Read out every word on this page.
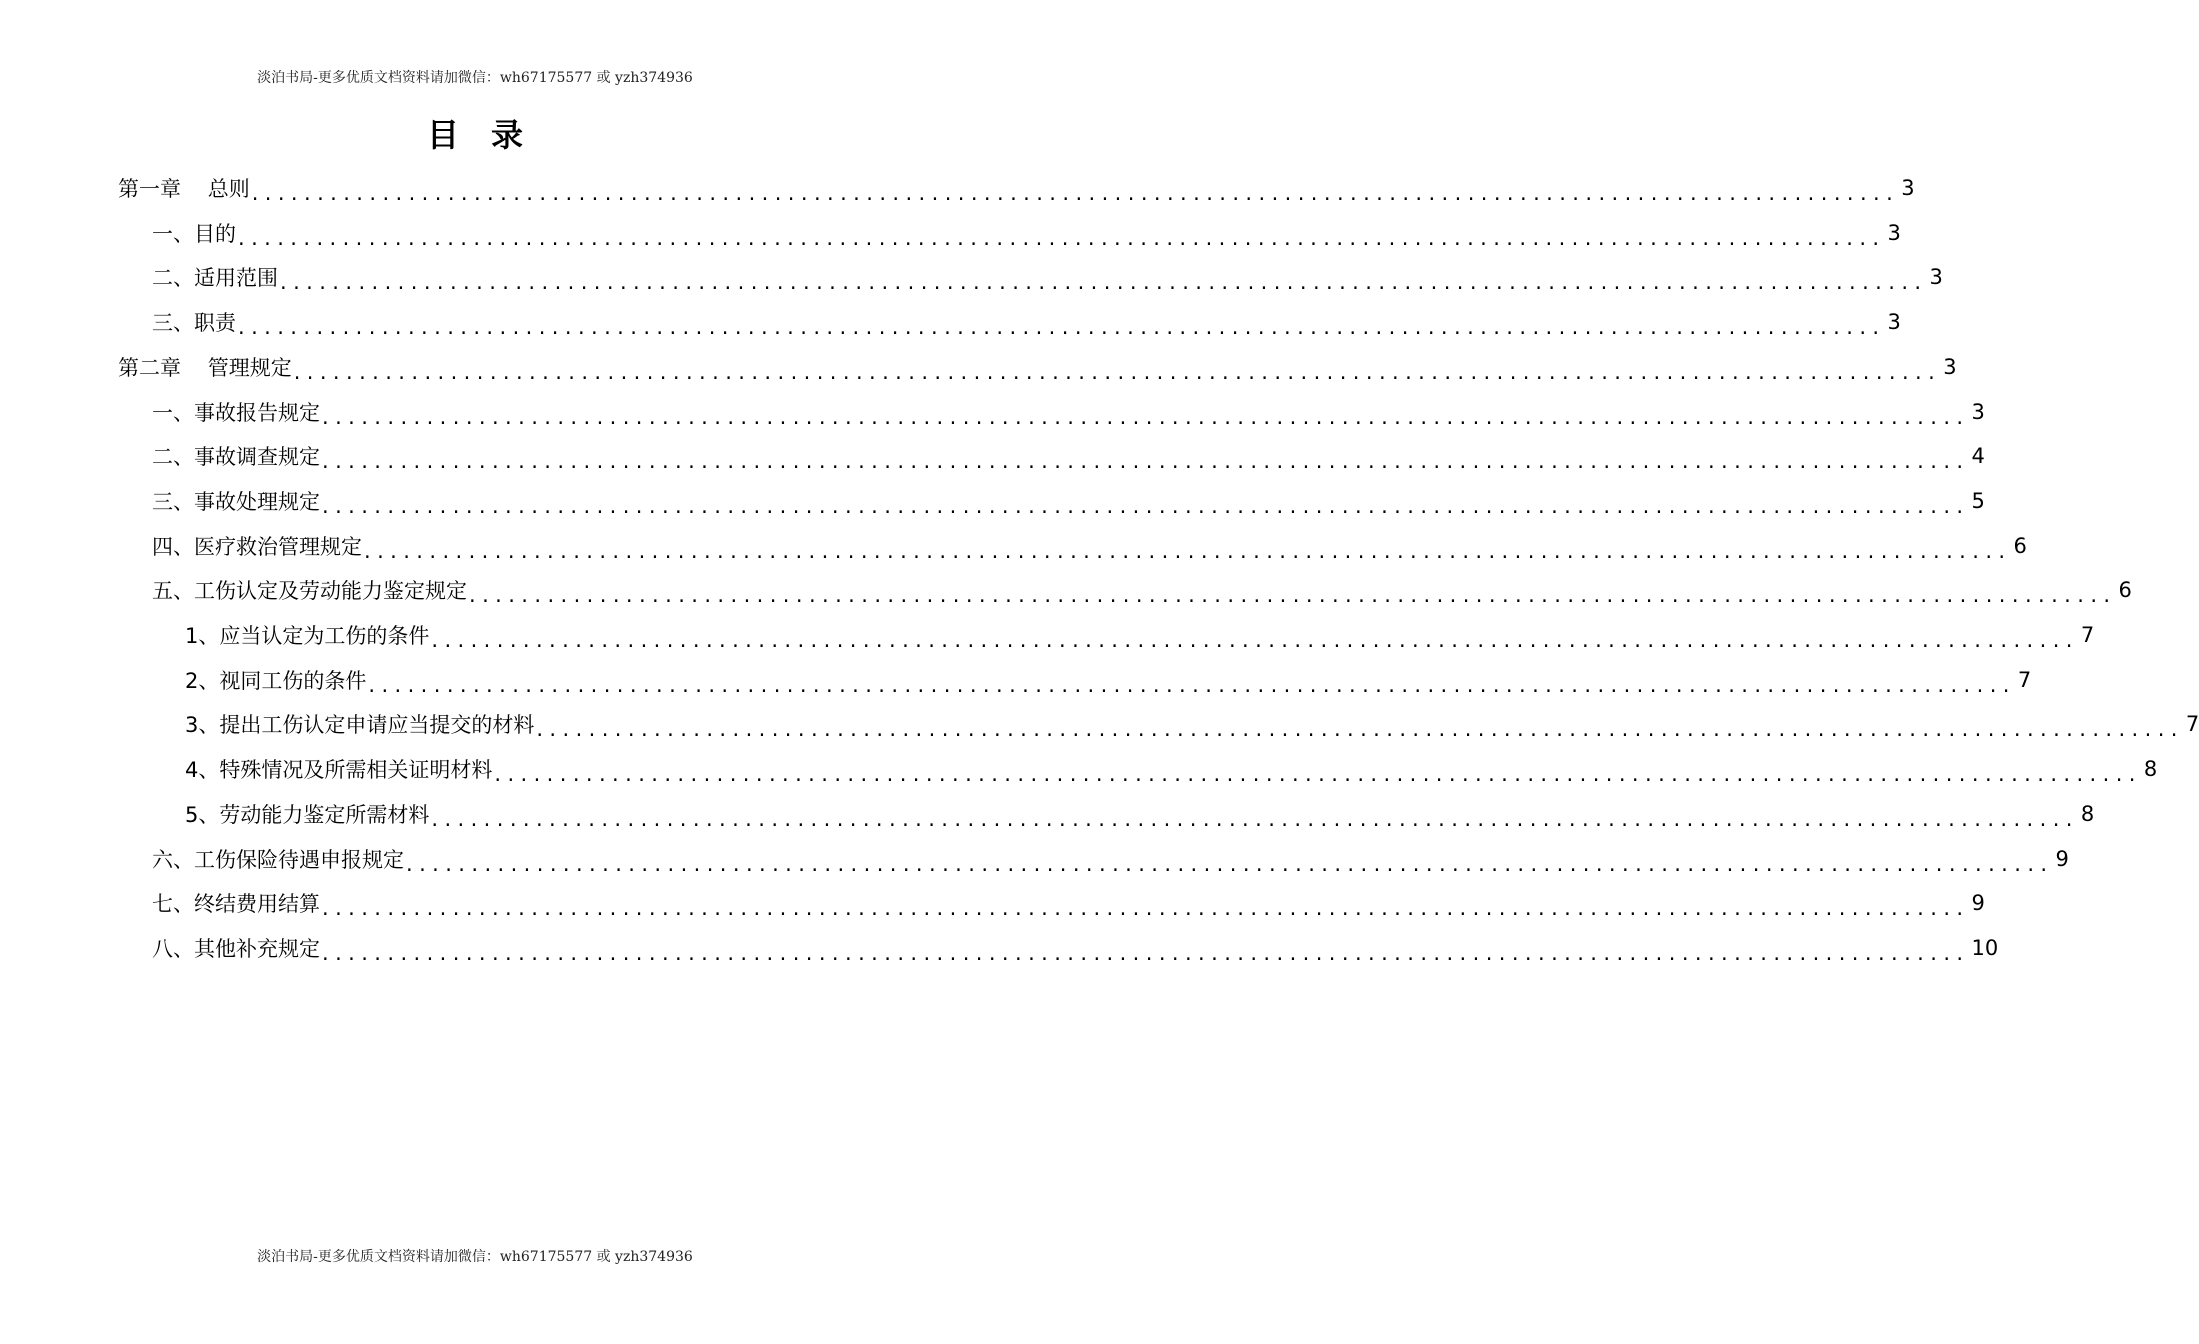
淡泊书局-更多优质文档资料请加微信：wh67175577 或 yzh374936
目录
第一章    总则 .............................................................................................................................. 3
一、目的 .............................................................................................................................. 3
二、适用范围 .............................................................................................................................. 3
三、职责 .............................................................................................................................. 3
第二章    管理规定 .............................................................................................................................. 3
一、事故报告规定 .............................................................................................................................. 3
二、事故调查规定 .............................................................................................................................. 4
三、事故处理规定 .............................................................................................................................. 5
四、医疗救治管理规定 .............................................................................................................................. 6
五、工伤认定及劳动能力鉴定规定 .............................................................................................................................. 6
1、应当认定为工伤的条件 .............................................................................................................................. 7
2、视同工伤的条件 .............................................................................................................................. 7
3、提出工伤认定申请应当提交的材料 .............................................................................................................................. 7
4、特殊情况及所需相关证明材料 .............................................................................................................................. 8
5、劳动能力鉴定所需材料 .............................................................................................................................. 8
六、工伤保险待遇申报规定 .............................................................................................................................. 9
七、终结费用结算 .............................................................................................................................. 9
八、其他补充规定 .............................................................................................................................. 10
淡泊书局-更多优质文档资料请加微信：wh67175577 或 yzh374936
